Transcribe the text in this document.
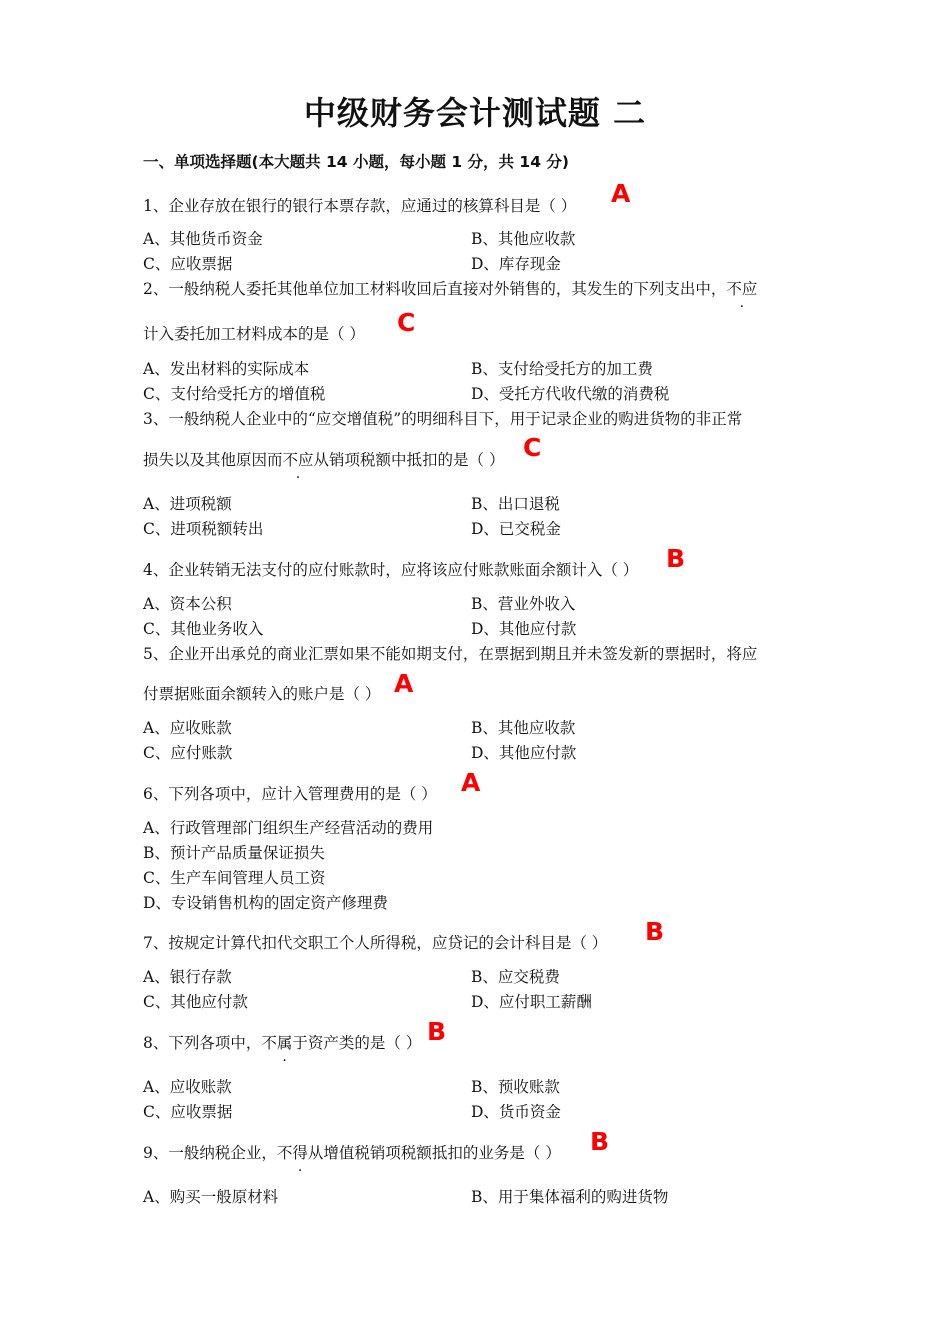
中级财务会计测试题 二
一、单项选择题(本大题共 14 小题，每小题 1 分，共 14 分)
1、企业存放在银行的银行本票存款，应通过的核算科目是（ ） A
A、其他货币资金	B、其他应收款
C、应收票据	D、库存现金
2、一般纳税人委托其他单位加工材料收回后直接对外销售的，其发生的下列支出中，不应
计入委托加工材料成本的是（ ） C
A、发出材料的实际成本	B、支付给受托方的加工费
C、支付给受托方的增值税	D、受托方代收代缴的消费税
3、一般纳税人企业中的“应交增值税”的明细科目下，用于记录企业的购进货物的非正常
损失以及其他原因而不应从销项税额中抵扣的是（ ） C
A、进项税额	B、出口退税
C、进项税额转出	D、已交税金
4、企业转销无法支付的应付账款时，应将该应付账款账面余额计入（ ） B
A、资本公积	B、营业外收入
C、其他业务收入	D、其他应付款
5、企业开出承兑的商业汇票如果不能如期支付，在票据到期且并未签发新的票据时，将应
付票据账面余额转入的账户是（ ） A
A、应收账款	B、其他应收款
C、应付账款	D、其他应付款
6、下列各项中，应计入管理费用的是（ ） A
A、行政管理部门组织生产经营活动的费用
B、预计产品质量保证损失
C、生产车间管理人员工资
D、专设销售机构的固定资产修理费
7、按规定计算代扣代交职工个人所得税，应贷记的会计科目是（ ） B
A、银行存款	B、应交税费
C、其他应付款	D、应付职工薪酬
8、下列各项中，不属于资产类的是（ ） B
A、应收账款	B、预收账款
C、应收票据	D、货币资金
9、一般纳税企业，不得从增值税销项税额抵扣的业务是（ ） B
A、购买一般原材料	B、用于集体福利的购进货物
